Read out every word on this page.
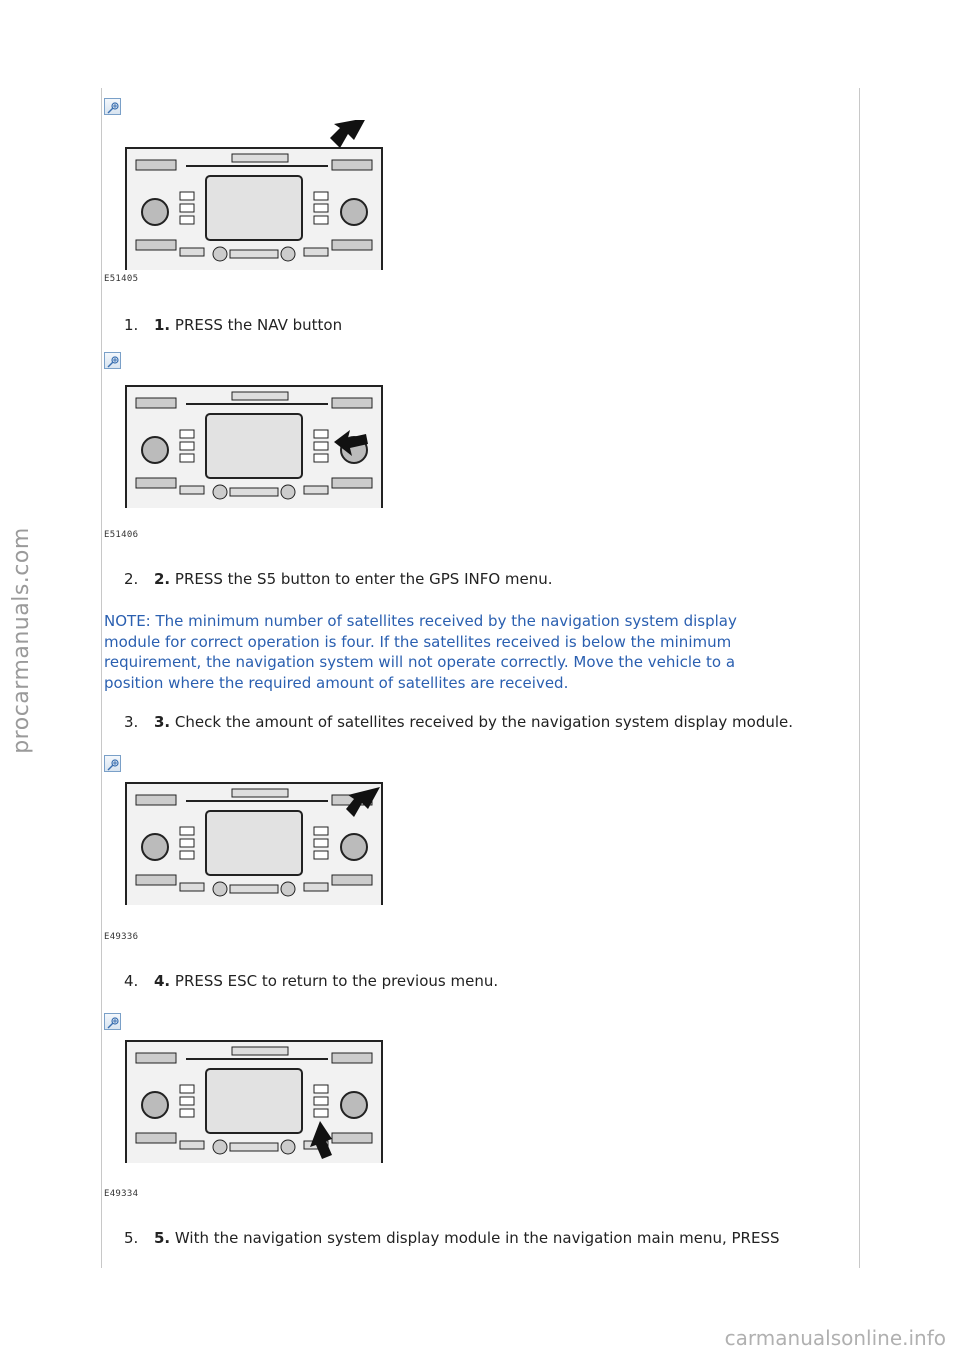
procarmanuals.com
E51405
1. 1. PRESS the NAV button
E51406
2. 2. PRESS the S5 button to enter the GPS INFO menu.
NOTE: The minimum number of satellites received by the navigation system display
module for correct operation is four. If the satellites received is below the minimum
requirement, the navigation system will not operate correctly. Move the vehicle to a
position where the required amount of satellites are received.
3. 3. Check the amount of satellites received by the navigation system display module.
E49336
4. 4. PRESS ESC to return to the previous menu.
E49334
5. 5. With the navigation system display module in the navigation main menu, PRESS
carmanualsonline.info
